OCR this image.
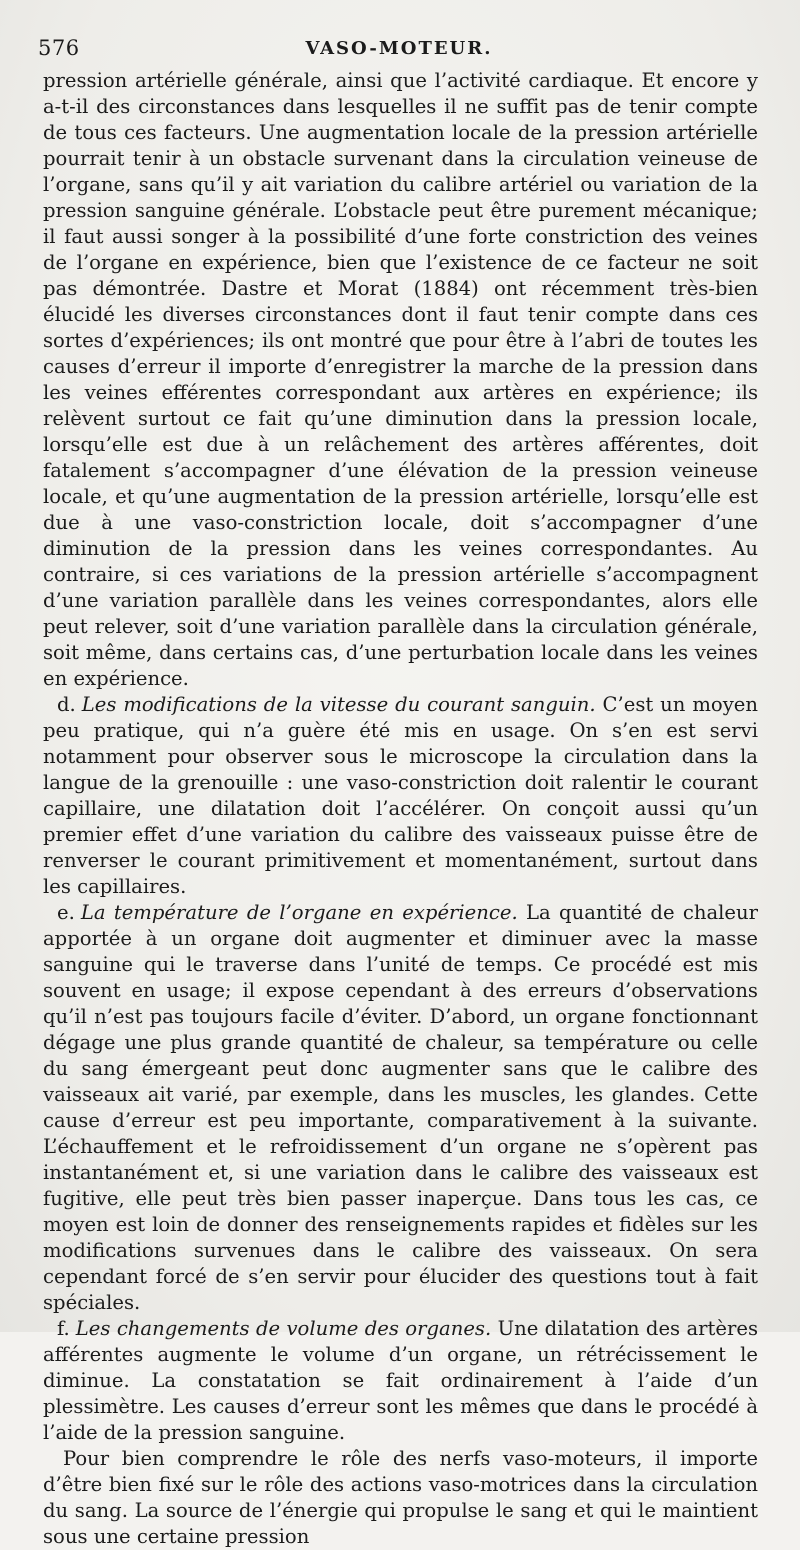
576	VASO-MOTEUR.

pression artérielle générale, ainsi que l’activité cardiaque. Et encore y a-t-il des circonstances dans lesquelles il ne suffit pas de tenir compte de tous ces facteurs. Une augmentation locale de la pression artérielle pourrait tenir à un obstacle survenant dans la circulation veineuse de l’organe, sans qu’il y ait variation du calibre artériel ou variation de la pression sanguine générale. L’obstacle peut être purement mécanique; il faut aussi songer à la possibilité d’une forte constriction des veines de l’organe en expérience, bien que l’existence de ce facteur ne soit pas démontrée. Dastre et Morat (1884) ont récemment très-bien élucidé les diverses circonstances dont il faut tenir compte dans ces sortes d’expériences; ils ont montré que pour être à l’abri de toutes les causes d’erreur il importe d’enregistrer la marche de la pression dans les veines efférentes correspondant aux artères en expérience; ils relèvent surtout ce fait qu’une diminution dans la pression locale, lorsqu’elle est due à un relâchement des artères afférentes, doit fatalement s’accompagner d’une élévation de la pression veineuse locale, et qu’une augmentation de la pression artérielle, lorsqu’elle est due à une vaso-constriction locale, doit s’accompagner d’une diminution de la pression dans les veines correspondantes. Au contraire, si ces variations de la pression artérielle s’accompagnent d’une variation parallèle dans les veines correspondantes, alors elle peut relever, soit d’une variation parallèle dans la circulation générale, soit même, dans certains cas, d’une perturbation locale dans les veines en expérience.

d. Les modifications de la vitesse du courant sanguin. C’est un moyen peu pratique, qui n’a guère été mis en usage. On s’en est servi notamment pour observer sous le microscope la circulation dans la langue de la grenouille : une vaso-constriction doit ralentir le courant capillaire, une dilatation doit l’accélérer. On conçoit aussi qu’un premier effet d’une variation du calibre des vaisseaux puisse être de renverser le courant primitivement et momentanément, surtout dans les capillaires.

e. La température de l’organe en expérience. La quantité de chaleur apportée à un organe doit augmenter et diminuer avec la masse sanguine qui le traverse dans l’unité de temps. Ce procédé est mis souvent en usage; il expose cependant à des erreurs d’observations qu’il n’est pas toujours facile d’éviter. D’abord, un organe fonctionnant dégage une plus grande quantité de chaleur, sa température ou celle du sang émergeant peut donc augmenter sans que le calibre des vaisseaux ait varié, par exemple, dans les muscles, les glandes. Cette cause d’erreur est peu importante, comparativement à la suivante. L’échauffement et le refroidissement d’un organe ne s’opèrent pas instantanément et, si une variation dans le calibre des vaisseaux est fugitive, elle peut très bien passer inaperçue. Dans tous les cas, ce moyen est loin de donner des renseignements rapides et fidèles sur les modifications survenues dans le calibre des vaisseaux. On sera cependant forcé de s’en servir pour élucider des questions tout à fait spéciales.

f. Les changements de volume des organes. Une dilatation des artères afférentes augmente le volume d’un organe, un rétrécissement le diminue. La constatation se fait ordinairement à l’aide d’un plessimètre. Les causes d’erreur sont les mêmes que dans le procédé à l’aide de la pression sanguine.

Pour bien comprendre le rôle des nerfs vaso-moteurs, il importe d’être bien fixé sur le rôle des actions vaso-motrices dans la circulation du sang. La source de l’énergie qui propulse le sang et qui le maintient sous une certaine pression
